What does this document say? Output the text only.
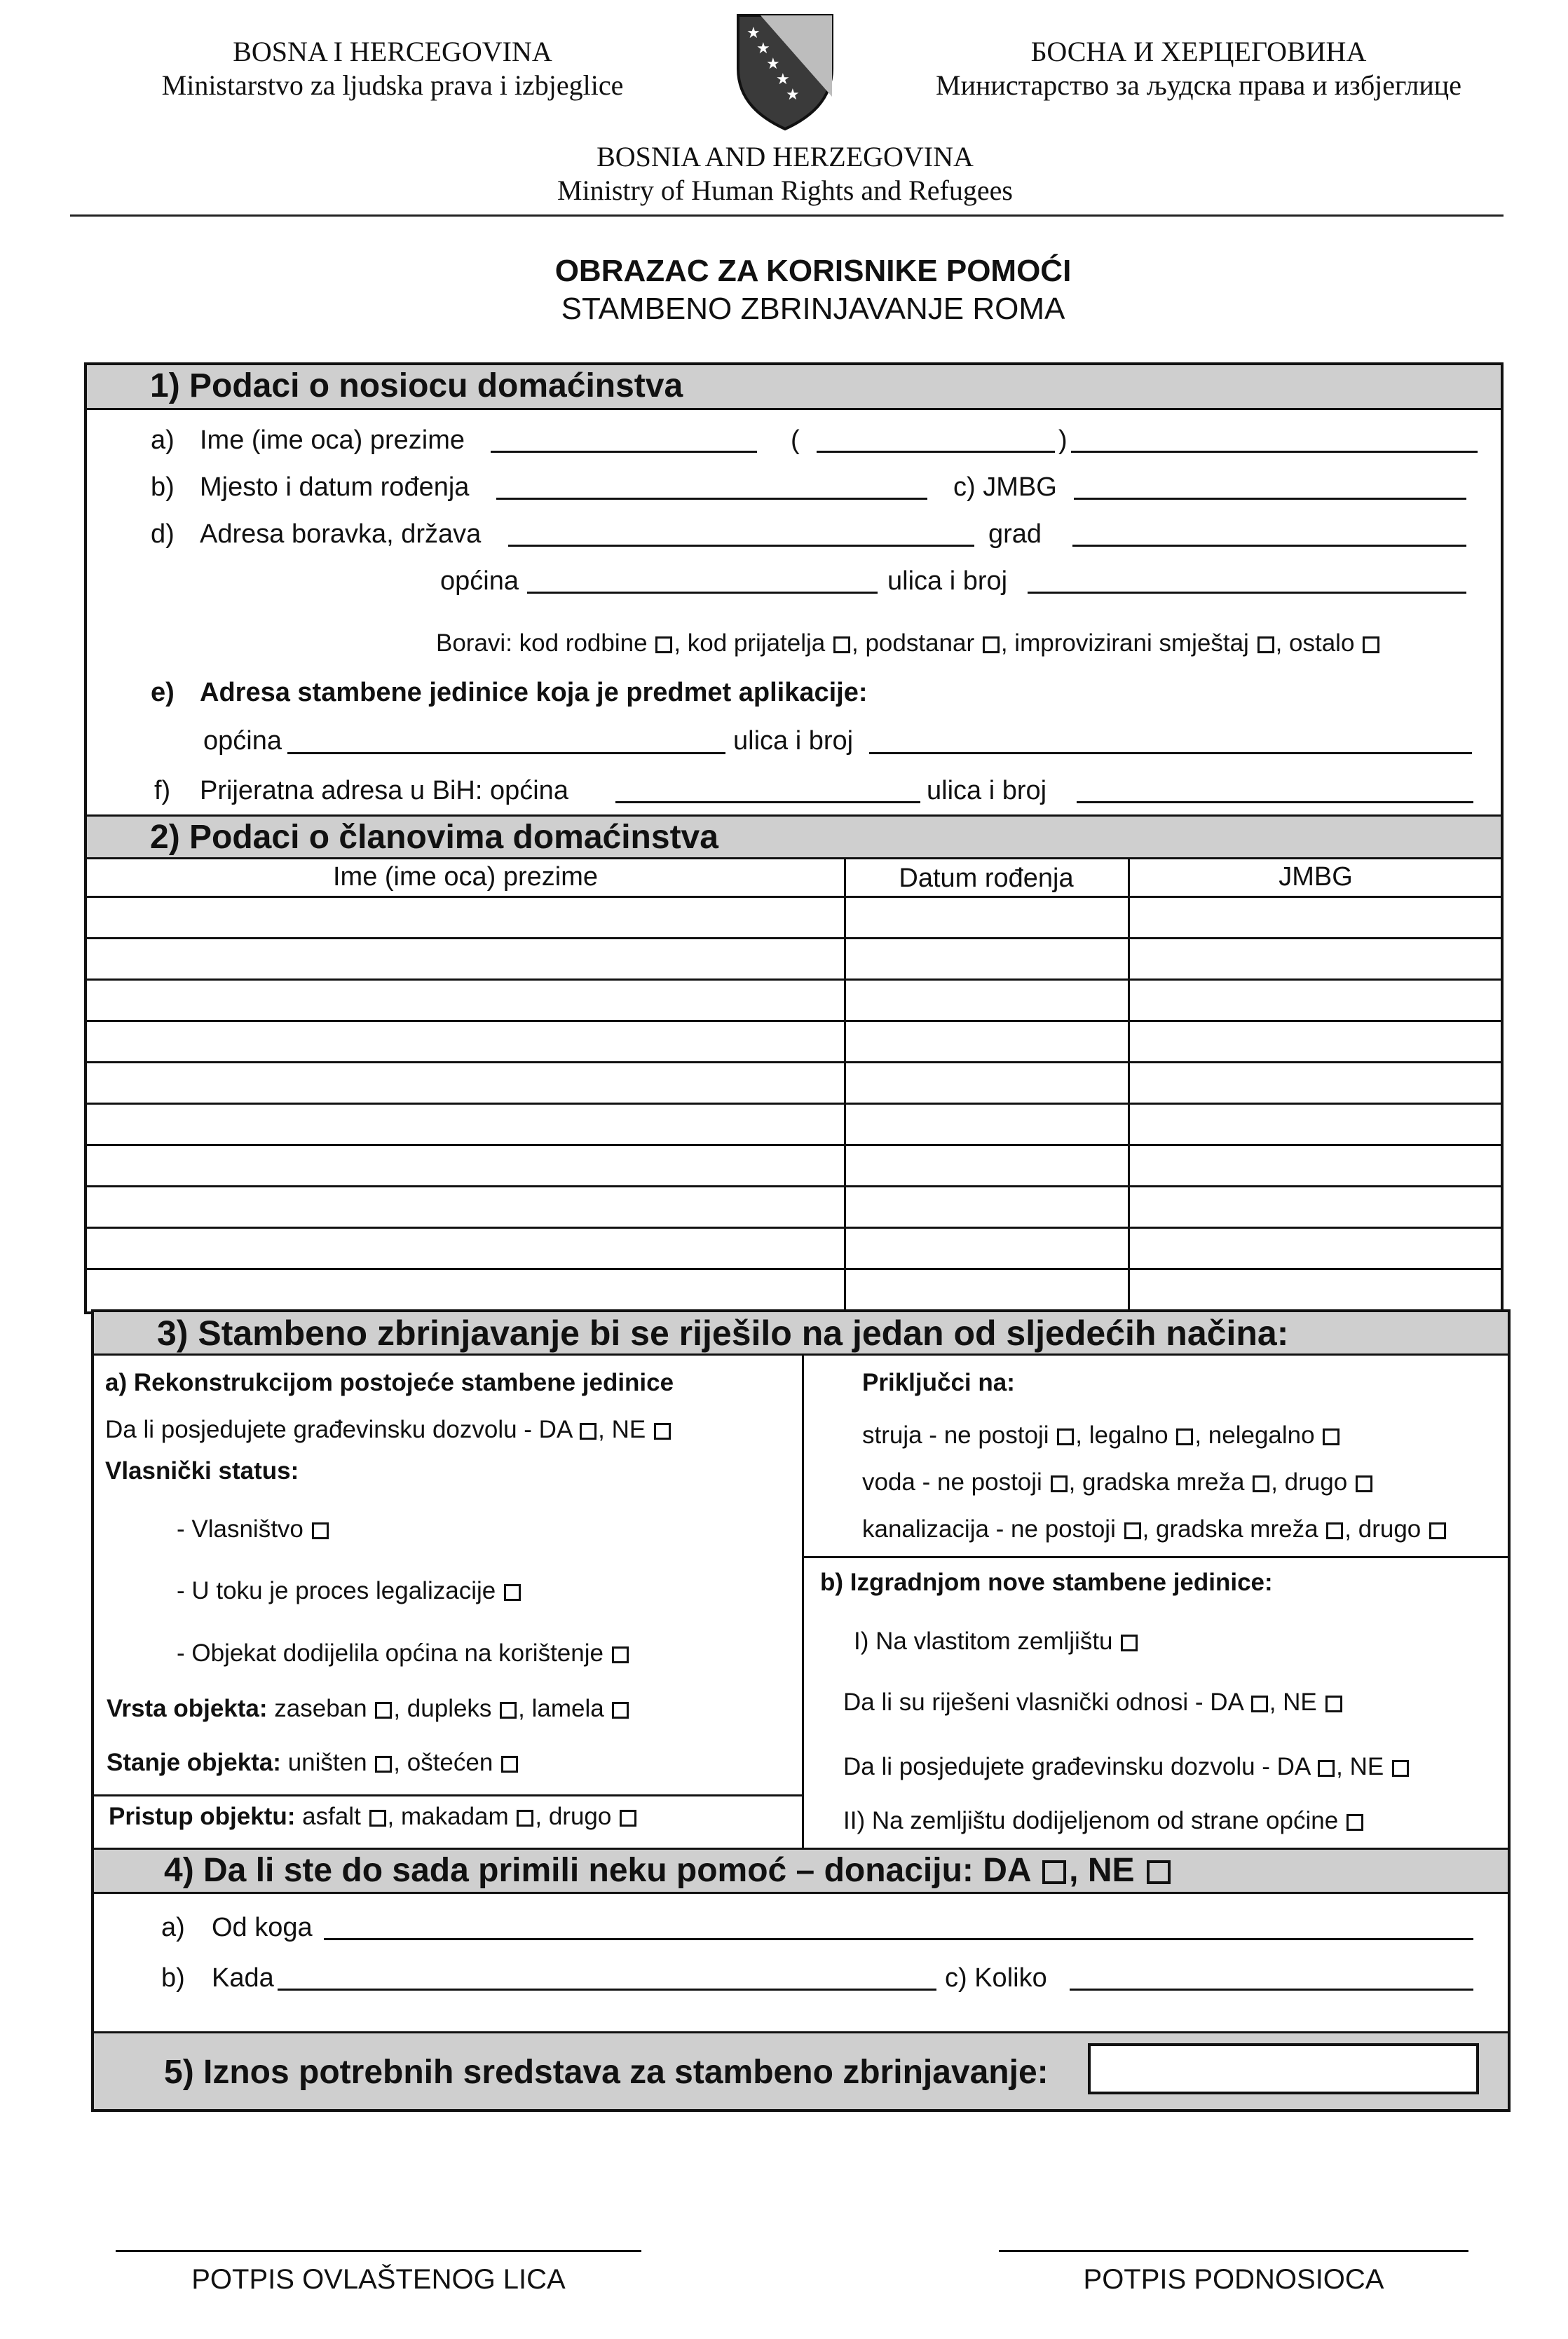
BOSNA I HERCEGOVINA
Ministarstvo za ljudska prava i izbjeglice
★
★
★
★
★
БОСНА И ХЕРЦЕГОВИНА
Министарство за људска права и избјеглице
BOSNIA AND HERZEGOVINA
Ministry of Human Rights and Refugees
OBRAZAC ZA KORISNIKE POMOĆI
STAMBENO ZBRINJAVANJE ROMA
1) Podaci o nosiocu domaćinstva
a) Ime (ime oca) prezime	(	)
b) Mjesto i datum rođenja	c) JMBG
d) Adresa boravka, država	grad
općina	ulica i broj
Boravi: kod rodbine , kod prijatelja , podstanar , improvizirani smještaj , ostalo
e) Adresa stambene jedinice koja je predmet aplikacije:
općina	ulica i broj
f) Prijeratna adresa u BiH: općina	ulica i broj
2) Podaci o članovima domaćinstva
Ime (ime oca) prezime	Datum rođenja	JMBG
3) Stambeno zbrinjavanje bi se riješilo na jedan od sljedećih načina:
a) Rekonstrukcijom postojeće stambene jedinice
Da li posjedujete građevinsku dozvolu - DA , NE
Vlasnički status:
- Vlasništvo
- U toku je proces legalizacije
- Objekat dodijelila općina na korištenje
Vrsta objekta: zaseban , dupleks , lamela
Stanje objekta: uništen , oštećen
Pristup objektu: asfalt , makadam , drugo
Priključci na:
struja - ne postoji , legalno , nelegalno
voda - ne postoji , gradska mreža , drugo
kanalizacija - ne postoji , gradska mreža , drugo
b) Izgradnjom nove stambene jedinice:
I) Na vlastitom zemljištu
Da li su riješeni vlasnički odnosi - DA , NE
Da li posjedujete građevinsku dozvolu - DA , NE
II) Na zemljištu dodijeljenom od strane općine
4) Da li ste do sada primili neku pomoć – donaciju: DA , NE
a) Od koga
b) Kada	c) Koliko
5) Iznos potrebnih sredstava za stambeno zbrinjavanje:
POTPIS OVLAŠTENOG LICA	POTPIS PODNOSIOCA
